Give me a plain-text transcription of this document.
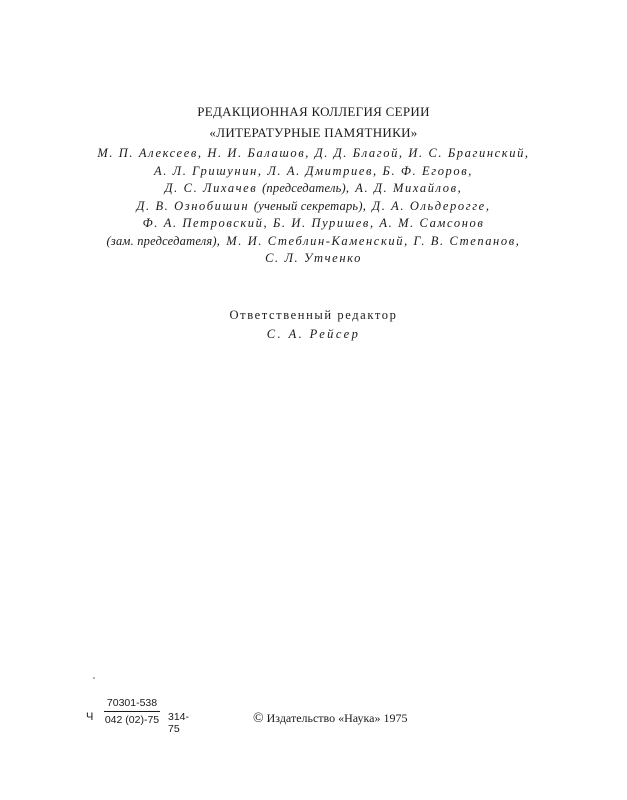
РЕДАКЦИОННАЯ КОЛЛЕГИЯ СЕРИИ
«ЛИТЕРАТУРНЫЕ ПАМЯТНИКИ»
М. П. Алексеев, Н. И. Балашов, Д. Д. Благой, И. С. Брагинский,
А. Л. Гришунин, Л. А. Дмитриев, Б. Ф. Егоров,
Д. С. Лихачев (председатель), А. Д. Михайлов,
Д. В. Ознобишин (ученый секретарь), Д. А. Ольдерогге,
Ф. А. Петровский, Б. И. Пуришев, А. М. Самсонов
(зам. председателя), М. И. Стеблин-Каменский, Г. В. Степанов,
С. Л. Утченко
Ответственный редактор
С. А. Рейсер
Ч
70301-538
042 (02)-75 314-75
© Издательство «Наука» 1975
